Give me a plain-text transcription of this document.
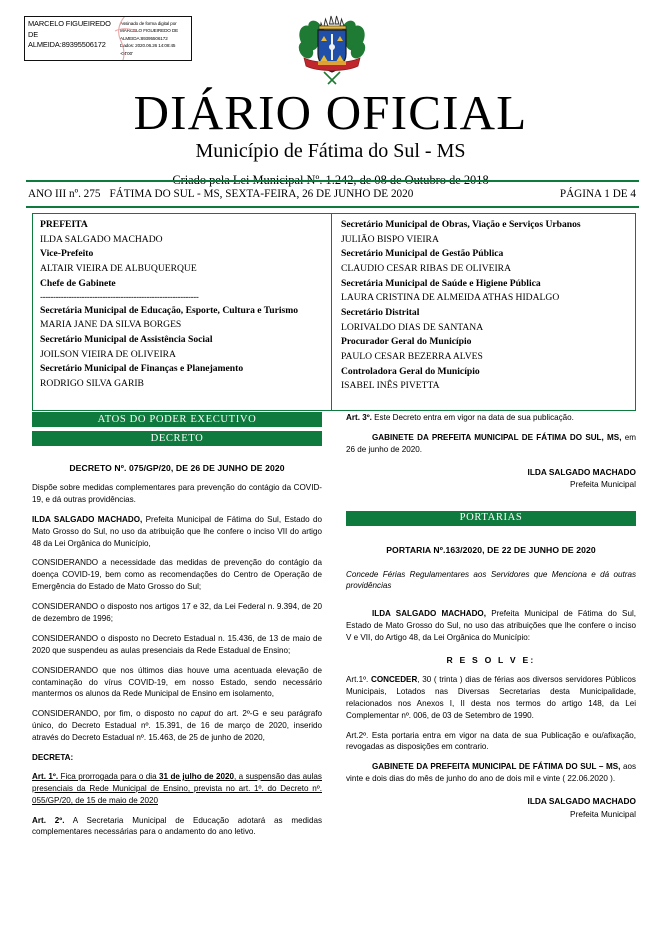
MARCELO FIGUEIREDO
DE
ALMEIDA:89395506172
Assinado de forma digital por
MARCELO FIGUEIREDO DE
ALMEIDA:89395506172
Dados: 2020.06.26 14:08:45 -04'00'
DIÁRIO OFICIAL
Município de Fátima do Sul - MS
Criado pela Lei Municipal Nº. 1.242, de 08 de Outubro de 2018
ANO III nº. 275 FÁTIMA DO SUL - MS, SEXTA-FEIRA, 26 DE JUNHO DE 2020	PÁGINA 1 DE 4
PREFEITA
ILDA SALGADO MACHADO
Vice-Prefeito
ALTAIR VIEIRA DE ALBUQUERQUE
Chefe de Gabinete
-------------------------------------------------------------
Secretária Municipal de Educação, Esporte, Cultura e Turismo
MARIA JANE DA SILVA BORGES
Secretário Municipal de Assistência Social
JOILSON VIEIRA DE OLIVEIRA
Secretário Municipal de Finanças e Planejamento
RODRIGO SILVA GARIB
Secretário Municipal de Obras, Viação e Serviços Urbanos
JULIÃO BISPO VIEIRA
Secretário Municipal de Gestão Pública
CLAUDIO CESAR RIBAS DE OLIVEIRA
Secretária Municipal de Saúde e Higiene Pública
LAURA CRISTINA DE ALMEIDA ATHAS HIDALGO
Secretário Distrital
LORIVALDO DIAS DE SANTANA
Procurador Geral do Município
PAULO CESAR BEZERRA ALVES
Controladora Geral do Município
ISABEL INÊS PIVETTA
ATOS DO PODER EXECUTIVO
DECRETO
DECRETO Nº. 075/GP/20, DE 26 DE JUNHO DE 2020

Dispõe sobre medidas complementares para prevenção do contágio da COVID-19, e dá outras providências.

ILDA SALGADO MACHADO, Prefeita Municipal de Fátima do Sul, Estado do Mato Grosso do Sul, no uso da atribuição que lhe confere o inciso VII do artigo 48 da Lei Orgânica do Município,

CONSIDERANDO a necessidade das medidas de prevenção do contágio da doença COVID-19, bem como as recomendações do Centro de Operação de Emergência do Estado de Mato Grosso do Sul;

CONSIDERANDO o disposto nos artigos 17 e 32, da Lei Federal n. 9.394, de 20 de dezembro de 1996;

CONSIDERANDO o disposto no Decreto Estadual n. 15.436, de 13 de maio de 2020 que suspendeu as aulas presenciais da Rede Estadual de Ensino;

CONSIDERANDO que nos últimos dias houve uma acentuada elevação de contaminação do vírus COVID-19, em nosso Estado, sendo necessário mantermos os alunos da Rede Municipal de Ensino em isolamento,

CONSIDERANDO, por fim, o disposto no caput do art. 2º-G e seu parágrafo único, do Decreto Estadual nº. 15.391, de 16 de março de 2020, inserido através do Decreto Estadual nº. 15.463, de 25 de junho de 2020,

DECRETA:

Art. 1º. Fica prorrogada para o dia 31 de julho de 2020, a suspensão das aulas presenciais da Rede Municipal de Ensino, prevista no art. 1º. do Decreto nº. 055/GP/20, de 15 de maio de 2020

Art. 2º. A Secretaria Municipal de Educação adotará as medidas complementares necessárias para o andamento do ano letivo.

Art. 3º. Este Decreto entra em vigor na data de sua publicação.

GABINETE DA PREFEITA MUNICIPAL DE FÁTIMA DO SUL, MS, em 26 de junho de 2020.

ILDA SALGADO MACHADO
Prefeita Municipal
PORTARIAS
PORTARIA Nº.163/2020, DE 22 DE JUNHO DE 2020

Concede Férias Regulamentares aos Servidores que Menciona e dá outras providências

ILDA SALGADO MACHADO, Prefeita Municipal de Fátima do Sul, Estado de Mato Grosso do Sul, no uso das atribuições que lhe confere o inciso V e VII, do Artigo 48, da Lei Orgânica do Município:

R E S O L V E:

Art.1º. CONCEDER, 30 ( trinta ) dias de férias aos diversos servidores Públicos Municipais, Lotados nas Diversas Secretarias desta Municipalidade, relacionados nos Anexos I, II desta nos termos do artigo 148, da Lei Complementar nº. 006, de 03 de Setembro de 1990.

Art.2º. Esta portaria entra em vigor na data de sua Publicação e ou/afixação, revogadas as disposições em contrario.

GABINETE DA PREFEITA MUNICIPAL DE FÁTIMA DO SUL – MS, aos vinte e dois dias do mês de junho do ano de dois mil e vinte ( 22.06.2020 ).

ILDA SALGADO MACHADO
Prefeita Municipal
